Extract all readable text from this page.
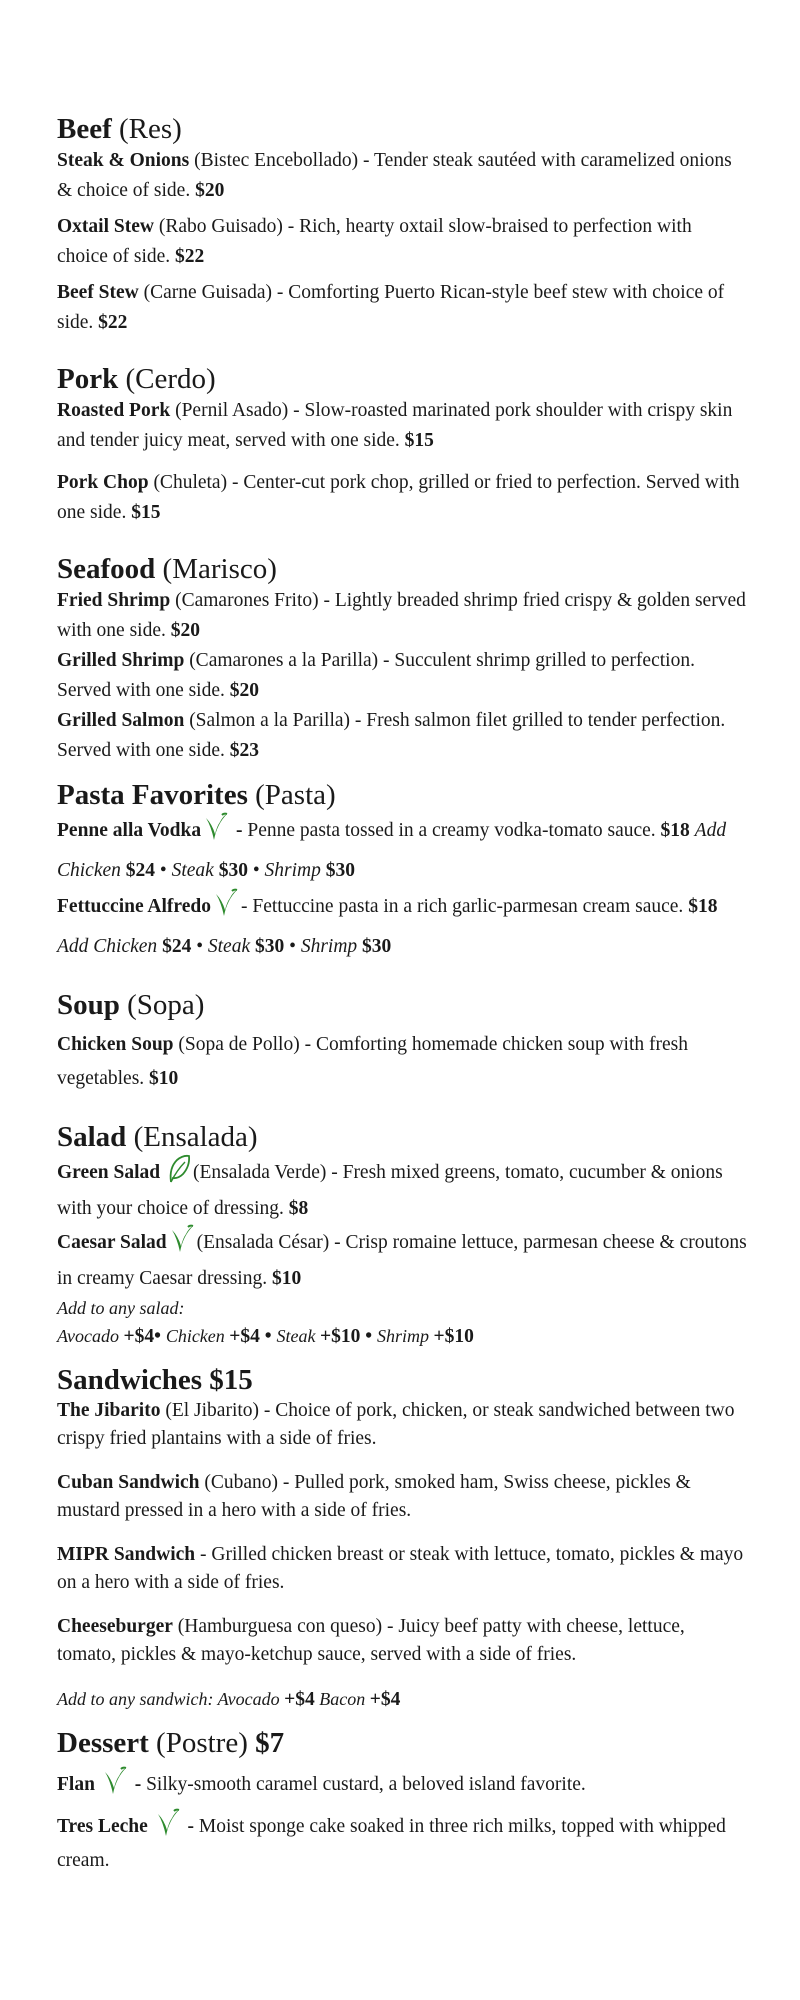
Beef (Res)

Steak & Onions (Bistec Encebollado) - Tender steak sautéed with caramelized onions & choice of side. $20

Oxtail Stew (Rabo Guisado) - Rich, hearty oxtail slow-braised to perfection with choice of side. $22

Beef Stew (Carne Guisada) - Comforting Puerto Rican-style beef stew with choice of side. $22

Pork (Cerdo)

Roasted Pork (Pernil Asado) - Slow-roasted marinated pork shoulder with crispy skin and tender juicy meat, served with one side. $15

Pork Chop (Chuleta) - Center-cut pork chop, grilled or fried to perfection. Served with one side. $15

Seafood (Marisco)

Fried Shrimp (Camarones Frito) - Lightly breaded shrimp fried crispy & golden served with one side. $20

Grilled Shrimp (Camarones a la Parilla) - Succulent shrimp grilled to perfection. Served with one side. $20

Grilled Salmon (Salmon a la Parilla) - Fresh salmon filet grilled to tender perfection. Served with one side. $23

Pasta Favorites (Pasta)

Penne alla Vodka - Penne pasta tossed in a creamy vodka-tomato sauce. $18 Add Chicken $24 • Steak $30 • Shrimp $30

Fettuccine Alfredo - Fettuccine pasta in a rich garlic-parmesan cream sauce. $18 Add Chicken $24 • Steak $30 • Shrimp $30

Soup (Sopa)

Chicken Soup (Sopa de Pollo) - Comforting homemade chicken soup with fresh vegetables. $10

Salad (Ensalada)

Green Salad (Ensalada Verde) - Fresh mixed greens, tomato, cucumber & onions with your choice of dressing. $8

Caesar Salad (Ensalada César) - Crisp romaine lettuce, parmesan cheese & croutons in creamy Caesar dressing. $10

Add to any salad:

Avocado +$4• Chicken +$4 • Steak +$10 • Shrimp +$10

Sandwiches $15

The Jibarito (El Jibarito) - Choice of pork, chicken, or steak sandwiched between two crispy fried plantains with a side of fries.

Cuban Sandwich (Cubano) - Pulled pork, smoked ham, Swiss cheese, pickles & mustard pressed in a hero with a side of fries.

MIPR Sandwich - Grilled chicken breast or steak with lettuce, tomato, pickles & mayo on a hero with a side of fries.

Cheeseburger (Hamburguesa con queso) - Juicy beef patty with cheese, lettuce, tomato, pickles & mayo-ketchup sauce, served with a side of fries.

Add to any sandwich: Avocado +$4 Bacon +$4

Dessert (Postre) $7

Flan  - Silky-smooth caramel custard, a beloved island favorite.

Tres Leche  - Moist sponge cake soaked in three rich milks, topped with whipped cream.
